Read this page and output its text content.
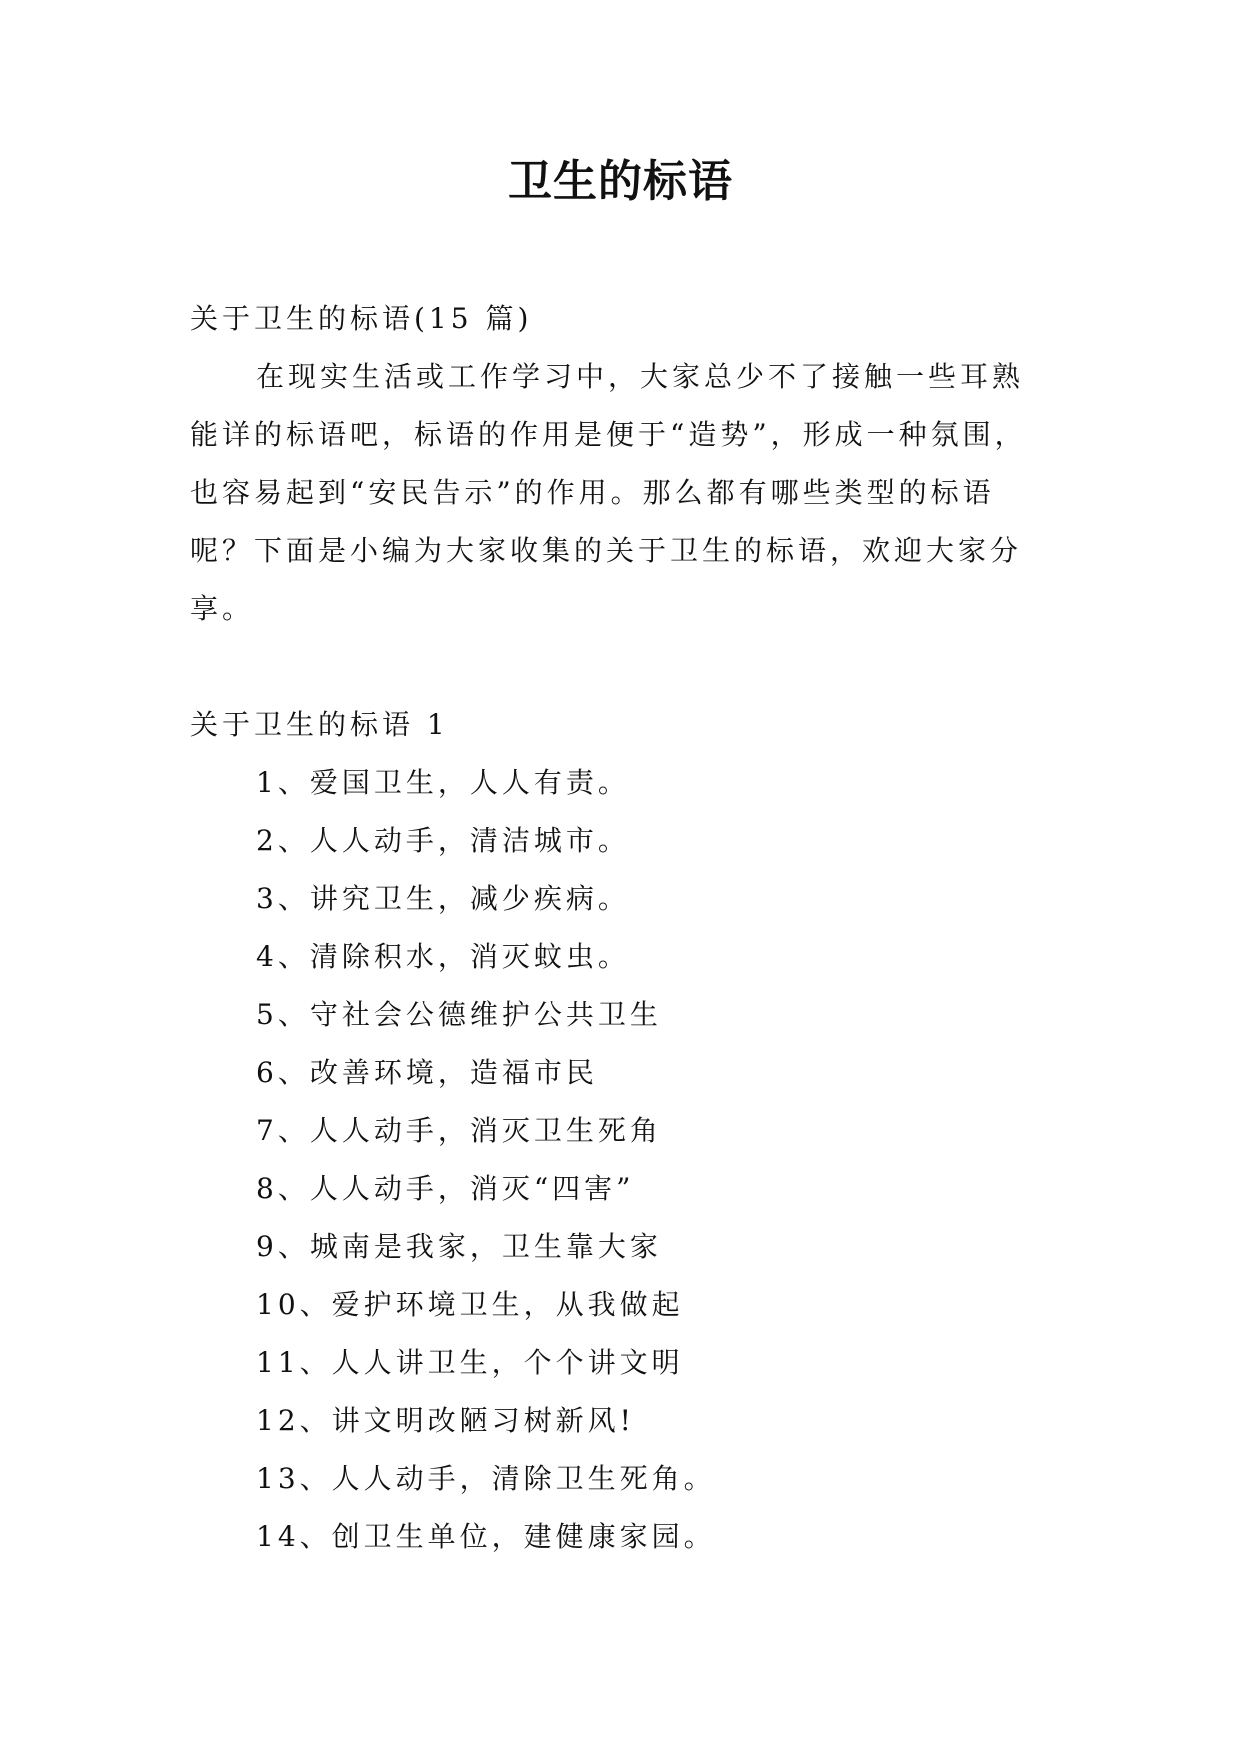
卫生的标语
关于卫生的标语(15 篇)
在现实生活或工作学习中，大家总少不了接触一些耳熟
能详的标语吧，标语的作用是便于“造势”，形成一种氛围，
也容易起到“安民告示”的作用。那么都有哪些类型的标语
呢？下面是小编为大家收集的关于卫生的标语，欢迎大家分
享。
关于卫生的标语 1
1、爱国卫生，人人有责。
2、人人动手，清洁城市。
3、讲究卫生，减少疾病。
4、清除积水，消灭蚊虫。
5、守社会公德维护公共卫生
6、改善环境，造福市民
7、人人动手，消灭卫生死角
8、人人动手，消灭“四害”
9、城南是我家，卫生靠大家
10、爱护环境卫生，从我做起
11、人人讲卫生，个个讲文明
12、讲文明改陋习树新风!
13、人人动手，清除卫生死角。
14、创卫生单位，建健康家园。
